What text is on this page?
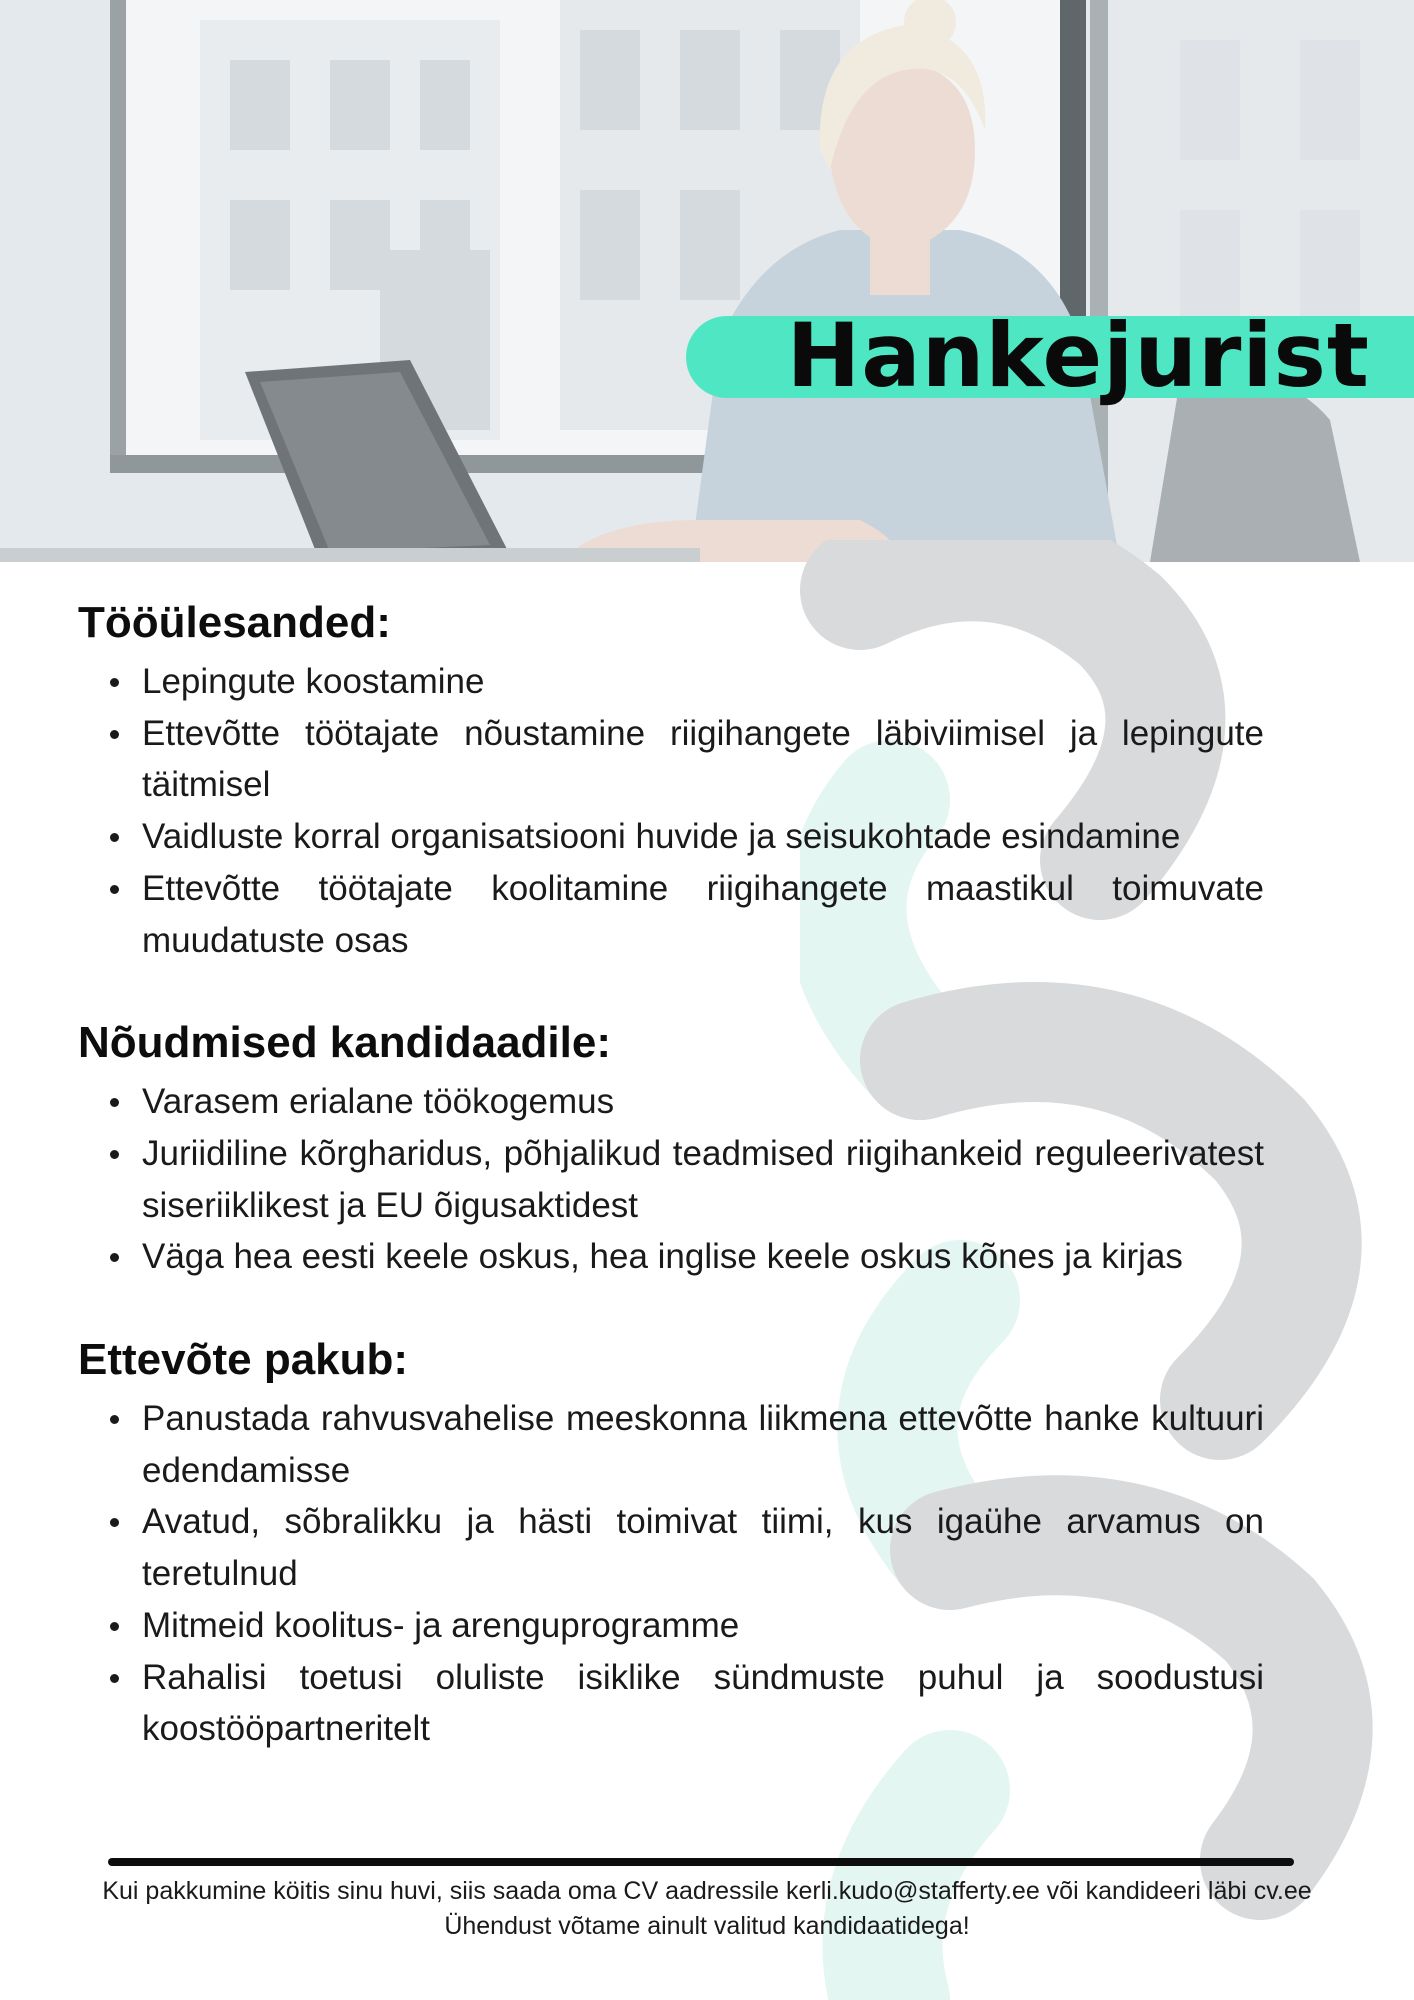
Hankejurist
Tööülesanded:
Lepingute koostamine
Ettevõtte töötajate nõustamine riigihangete läbiviimisel ja lepingute täitmisel
Vaidluste korral organisatsiooni huvide ja seisukohtade esindamine
Ettevõtte töötajate koolitamine riigihangete maastikul toimuvate muudatuste osas
Nõudmised kandidaadile:
Varasem erialane töökogemus
Juriidiline kõrgharidus, põhjalikud teadmised riigihankeid reguleerivatest siseriiklikest ja EU õigusaktidest
Väga hea eesti keele oskus, hea inglise keele oskus kõnes ja kirjas
Ettevõte pakub:
Panustada rahvusvahelise meeskonna liikmena ettevõtte hanke kultuuri edendamisse
Avatud, sõbralikku ja hästi toimivat tiimi, kus igaühe arvamus on teretulnud
Mitmeid koolitus- ja arenguprogramme
Rahalisi toetusi oluliste isiklike sündmuste puhul ja soodustusi koostööpartneritelt

Kui pakkumine köitis sinu huvi, siis saada oma CV aadressile kerli.kudo@stafferty.ee või kandideeri läbi cv.ee

Ühendust võtame ainult valitud kandidaatidega!
